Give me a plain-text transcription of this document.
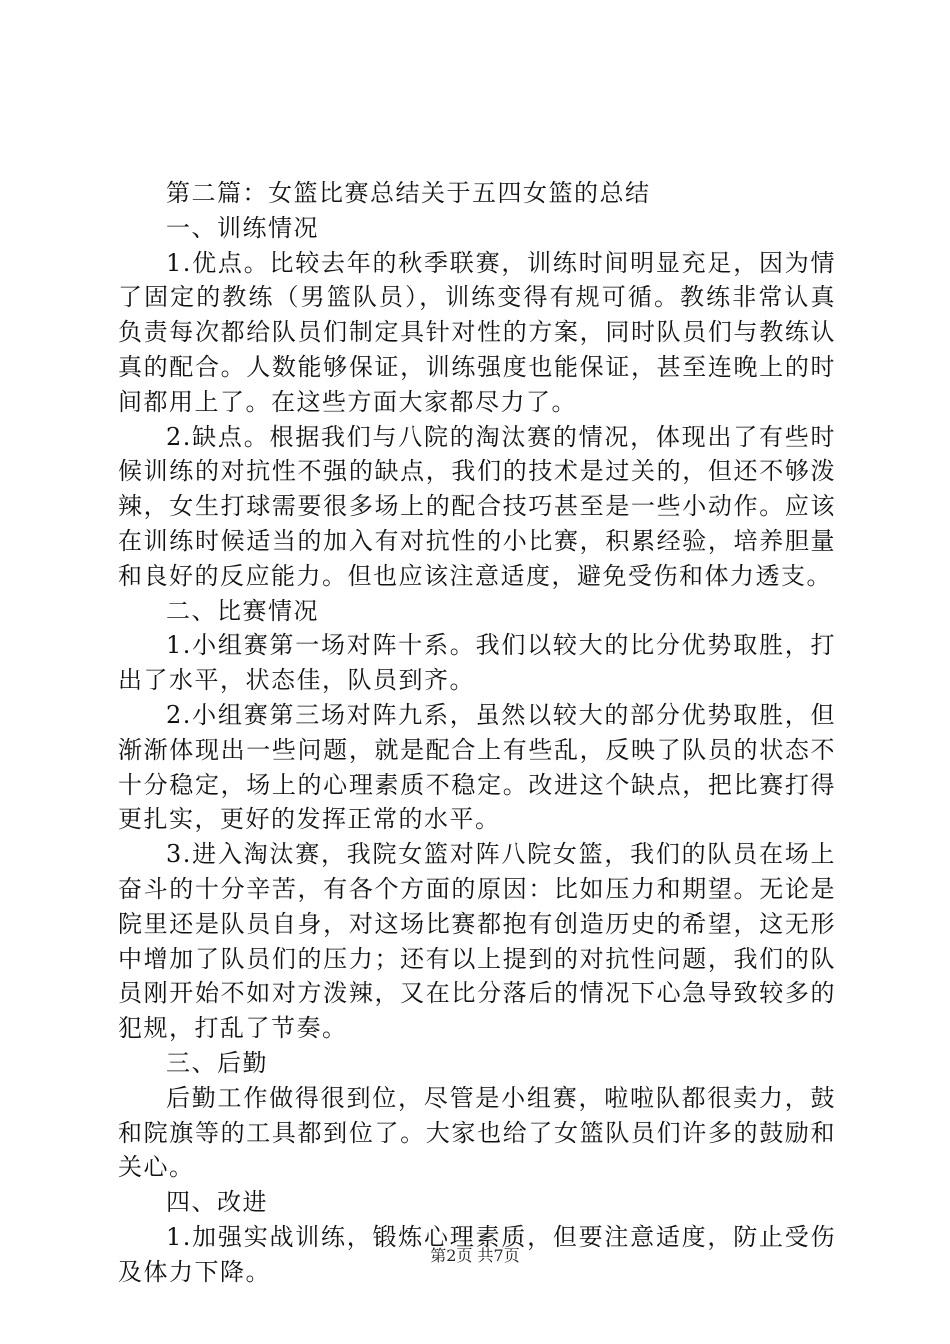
第二篇：女篮比赛总结关于五四女篮的总结

一、训练情况

1.优点。比较去年的秋季联赛，训练时间明显充足，因为情了固定的教练（男篮队员），训练变得有规可循。教练非常认真负责每次都给队员们制定具针对性的方案，同时队员们与教练认真的配合。人数能够保证，训练强度也能保证，甚至连晚上的时间都用上了。在这些方面大家都尽力了。

2.缺点。根据我们与八院的淘汰赛的情况，体现出了有些时候训练的对抗性不强的缺点，我们的技术是过关的，但还不够泼辣，女生打球需要很多场上的配合技巧甚至是一些小动作。应该在训练时候适当的加入有对抗性的小比赛，积累经验，培养胆量和良好的反应能力。但也应该注意适度，避免受伤和体力透支。

二、比赛情况

1.小组赛第一场对阵十系。我们以较大的比分优势取胜，打出了水平，状态佳，队员到齐。

2.小组赛第三场对阵九系，虽然以较大的部分优势取胜，但渐渐体现出一些问题，就是配合上有些乱，反映了队员的状态不十分稳定，场上的心理素质不稳定。改进这个缺点，把比赛打得更扎实，更好的发挥正常的水平。

3.进入淘汰赛，我院女篮对阵八院女篮，我们的队员在场上奋斗的十分辛苦，有各个方面的原因：比如压力和期望。无论是院里还是队员自身，对这场比赛都抱有创造历史的希望，这无形中增加了队员们的压力；还有以上提到的对抗性问题，我们的队员刚开始不如对方泼辣，又在比分落后的情况下心急导致较多的犯规，打乱了节奏。

三、后勤

后勤工作做得很到位，尽管是小组赛，啦啦队都很卖力，鼓和院旗等的工具都到位了。大家也给了女篮队员们许多的鼓励和关心。

四、改进

1.加强实战训练，锻炼心理素质，但要注意适度，防止受伤及体力下降。

第2页 共7页
